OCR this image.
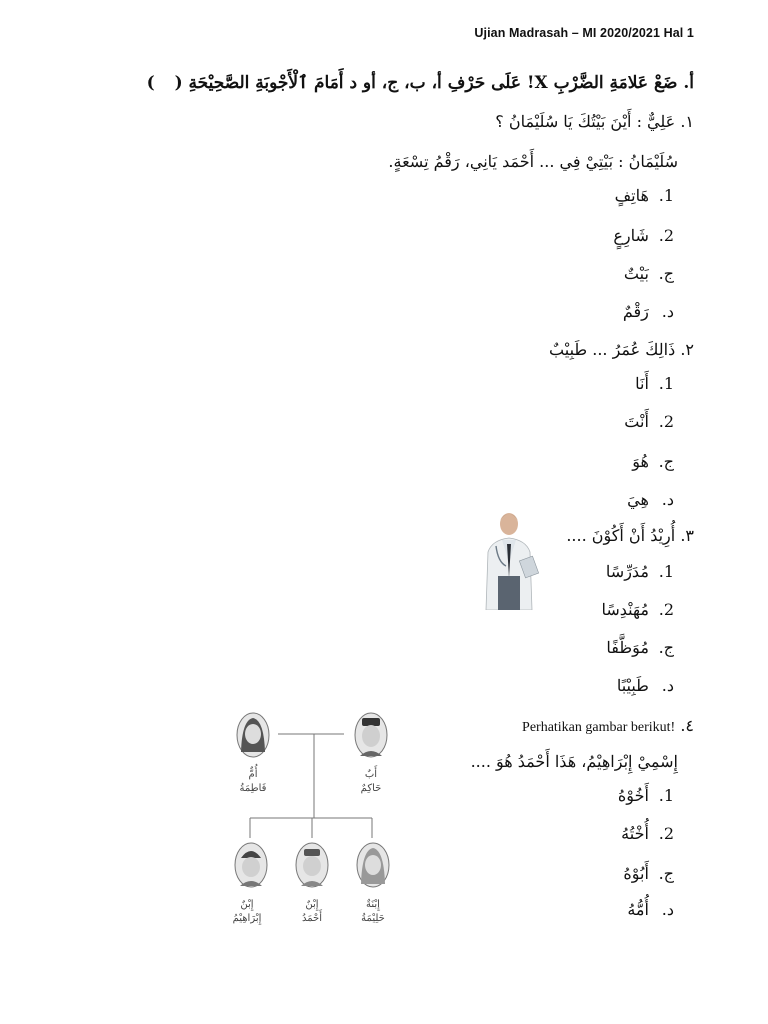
Ujian Madrasah – MI 2020/2021 Hal 1
أ. ضَعْ عَلامَةِ الضَّرْبِ X! عَلَى حَرْفِ أ، ب، ج، أو د أَمَامَ ٱلْأَجْوبَةِ الصَّحِيْحَةِ ( )
١. عَلِيٌّ : أَيْنَ بَيْتُكَ يَا سُلَيْمَانُ ؟
سُلَيْمَانُ : بَيْتِيْ فِي ... أَحْمَد يَانِي، رَقْمُ تِسْعَةٍ.
1. هَاتِفٍ
2. شَارِعٍ
ج. بَيْتٌ
د. رَقْمٌ
٢. ذَالِكَ عُمَرُ ... طَبِيْبٌ
1. أَنَا
2. أَنْتَ
ج. هُوَ
د. هِيَ
٣. أُرِيْدُ أَنْ أَكُوْنَ ....
1. مُدَرِّسًا
2. مُهَنْدِسًا
ج. مُوَظَّفًا
د. طَبِيْبًا
٤. !Perhatikan gambar berikut
إِسْمِيْ إِبْرَاهِيْمُ، هَذَا أَحْمَدُ هُوَ ....
1. أَخُوْهُ
2. أُخْتُهُ
ج. أَبُوْهُ
د. أُمُّهُ
أُمٌّ
فَاطِمَةُ
أَبٌ
حَاكِمٌ
إِبْنٌ
إِبْرَاهِيْمُ
إِبْنٌ
أَحْمَدُ
إِبْنَةٌ
حَلِيْمَةُ
